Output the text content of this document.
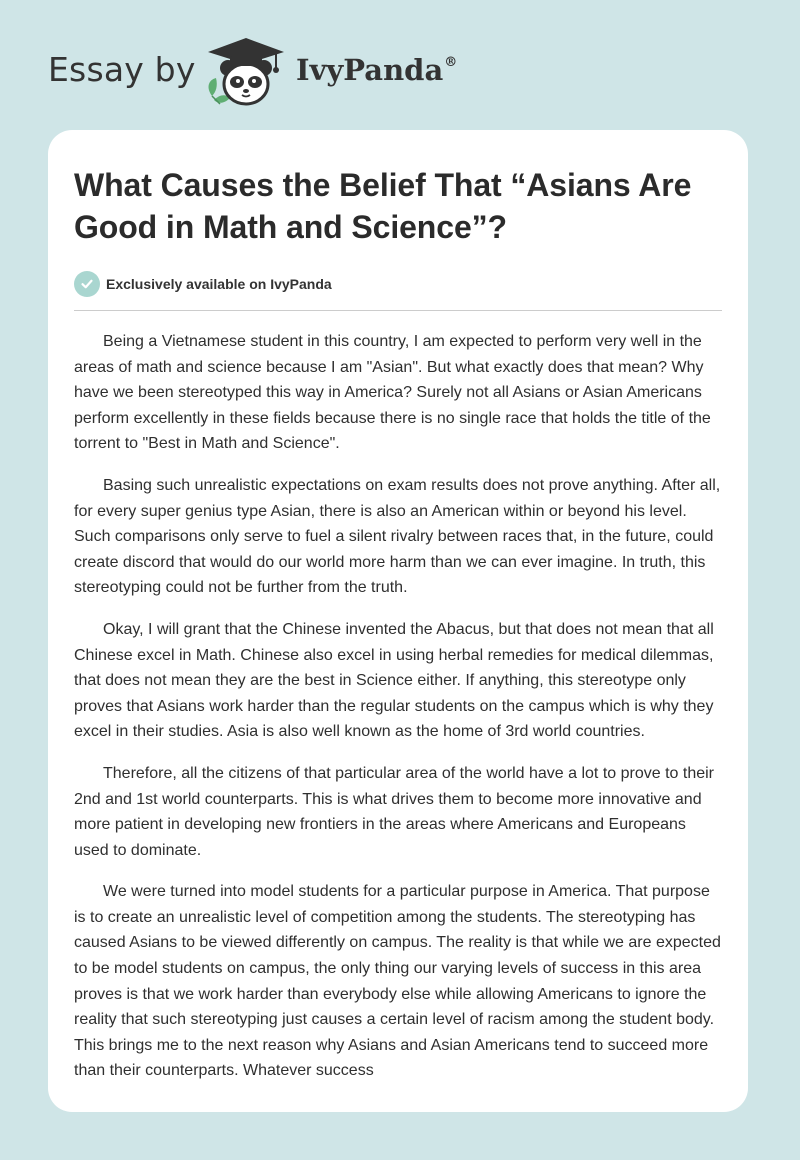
Essay by	IvyPanda®
What Causes the Belief That “Asians Are Good in Math and Science”?
Exclusively available on IvyPanda

Being a Vietnamese student in this country, I am expected to perform very well in the areas of math and science because I am "Asian". But what exactly does that mean? Why have we been stereotyped this way in America? Surely not all Asians or Asian Americans perform excellently in these fields because there is no single race that holds the title of the torrent to "Best in Math and Science".

Basing such unrealistic expectations on exam results does not prove anything. After all, for every super genius type Asian, there is also an American within or beyond his level. Such comparisons only serve to fuel a silent rivalry between races that, in the future, could create discord that would do our world more harm than we can ever imagine. In truth, this stereotyping could not be further from the truth.

Okay, I will grant that the Chinese invented the Abacus, but that does not mean that all Chinese excel in Math. Chinese also excel in using herbal remedies for medical dilemmas, that does not mean they are the best in Science either. If anything, this stereotype only proves that Asians work harder than the regular students on the campus which is why they excel in their studies. Asia is also well known as the home of 3rd world countries.

Therefore, all the citizens of that particular area of the world have a lot to prove to their 2nd and 1st world counterparts. This is what drives them to become more innovative and more patient in developing new frontiers in the areas where Americans and Europeans used to dominate.

We were turned into model students for a particular purpose in America. That purpose is to create an unrealistic level of competition among the students. The stereotyping has caused Asians to be viewed differently on campus. The reality is that while we are expected to be model students on campus, the only thing our varying levels of success in this area proves is that we work harder than everybody else while allowing Americans to ignore the reality that such stereotyping just causes a certain level of racism among the student body. This brings me to the next reason why Asians and Asian Americans tend to succeed more than their counterparts. Whatever success
